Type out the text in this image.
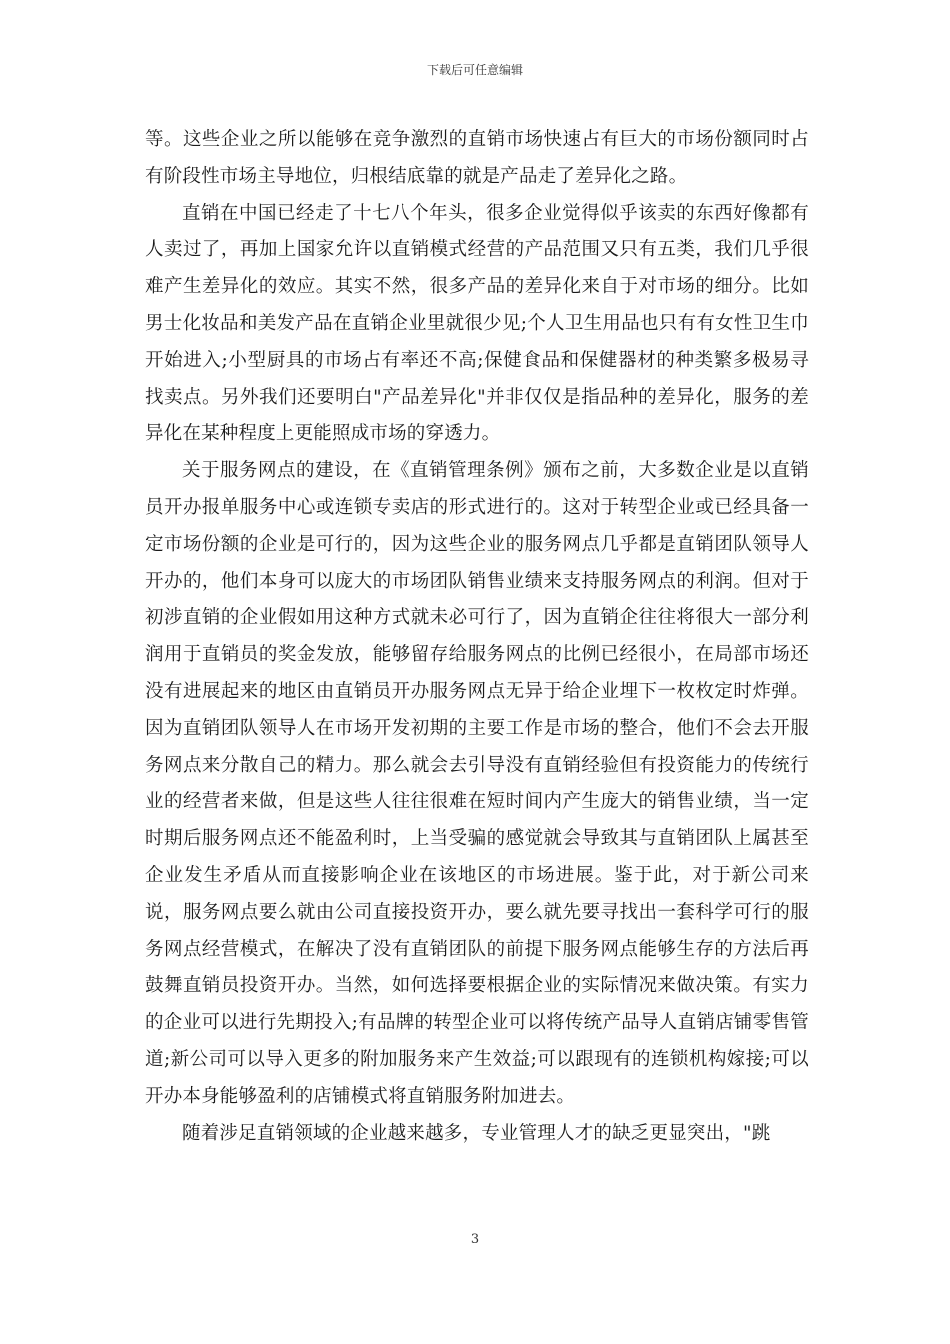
下载后可任意编辑

等。这些企业之所以能够在竞争激烈的直销市场快速占有巨大的市场份额同时占有阶段性市场主导地位，归根结底靠的就是产品走了差异化之路。

直销在中国已经走了十七八个年头，很多企业觉得似乎该卖的东西好像都有人卖过了，再加上国家允许以直销模式经营的产品范围又只有五类，我们几乎很难产生差异化的效应。其实不然，很多产品的差异化来自于对市场的细分。比如男士化妆品和美发产品在直销企业里就很少见;个人卫生用品也只有有女性卫生巾开始进入;小型厨具的市场占有率还不高;保健食品和保健器材的种类繁多极易寻找卖点。另外我们还要明白"产品差异化"并非仅仅是指品种的差异化，服务的差异化在某种程度上更能照成市场的穿透力。

关于服务网点的建设，在《直销管理条例》颁布之前，大多数企业是以直销员开办报单服务中心或连锁专卖店的形式进行的。这对于转型企业或已经具备一定市场份额的企业是可行的，因为这些企业的服务网点几乎都是直销团队领导人开办的，他们本身可以庞大的市场团队销售业绩来支持服务网点的利润。但对于初涉直销的企业假如用这种方式就未必可行了，因为直销企往往将很大一部分利润用于直销员的奖金发放，能够留存给服务网点的比例已经很小，在局部市场还没有进展起来的地区由直销员开办服务网点无异于给企业埋下一枚枚定时炸弹。因为直销团队领导人在市场开发初期的主要工作是市场的整合，他们不会去开服务网点来分散自己的精力。那么就会去引导没有直销经验但有投资能力的传统行业的经营者来做，但是这些人往往很难在短时间内产生庞大的销售业绩，当一定时期后服务网点还不能盈利时，上当受骗的感觉就会导致其与直销团队上属甚至企业发生矛盾从而直接影响企业在该地区的市场进展。鉴于此，对于新公司来说，服务网点要么就由公司直接投资开办，要么就先要寻找出一套科学可行的服务网点经营模式，在解决了没有直销团队的前提下服务网点能够生存的方法后再鼓舞直销员投资开办。当然，如何选择要根据企业的实际情况来做决策。有实力的企业可以进行先期投入;有品牌的转型企业可以将传统产品导人直销店铺零售管道;新公司可以导入更多的附加服务来产生效益;可以跟现有的连锁机构嫁接;可以开办本身能够盈利的店铺模式将直销服务附加进去。

随着涉足直销领域的企业越来越多，专业管理人才的缺乏更显突出，"跳

3
